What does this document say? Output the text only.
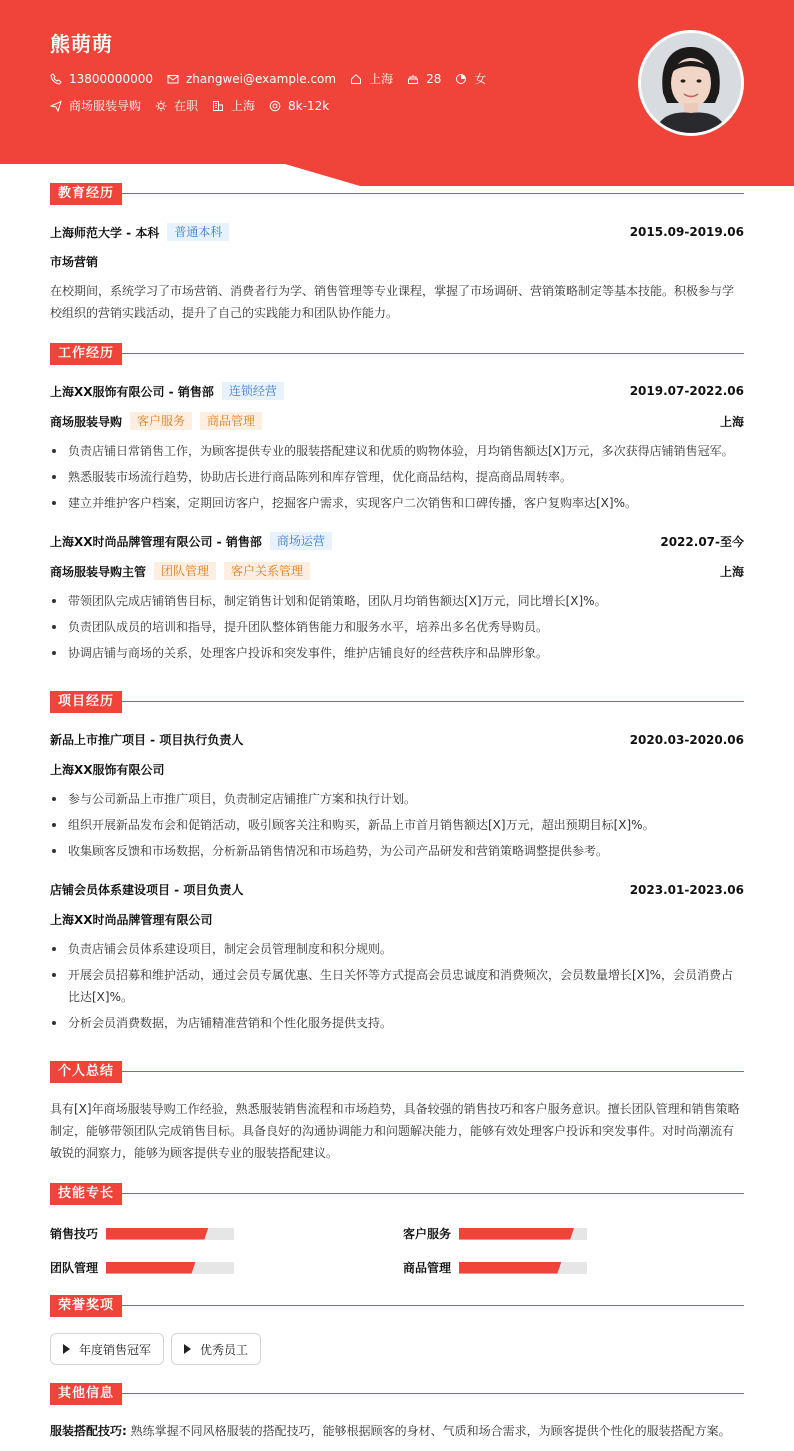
熊萌萌
13800000000	zhangwei@example.com	上海	28	女
商场服装导购	在职	上海	8k-12k
教育经历
上海师范大学 - 本科	普通本科	2015.09-2019.06
市场营销
在校期间，系统学习了市场营销、消费者行为学、销售管理等专业课程，掌握了市场调研、营销策略制定等基本技能。积极参与学校组织的营销实践活动，提升了自己的实践能力和团队协作能力。
工作经历
上海XX服饰有限公司 - 销售部	连锁经营	2019.07-2022.06
商场服装导购	客户服务	商品管理	上海
负责店铺日常销售工作，为顾客提供专业的服装搭配建议和优质的购物体验，月均销售额达[X]万元，多次获得店铺销售冠军。
熟悉服装市场流行趋势，协助店长进行商品陈列和库存管理，优化商品结构，提高商品周转率。
建立并维护客户档案，定期回访客户，挖掘客户需求，实现客户二次销售和口碑传播，客户复购率达[X]%。
上海XX时尚品牌管理有限公司 - 销售部	商场运营	2022.07-至今
商场服装导购主管	团队管理	客户关系管理	上海
带领团队完成店铺销售目标，制定销售计划和促销策略，团队月均销售额达[X]万元，同比增长[X]%。
负责团队成员的培训和指导，提升团队整体销售能力和服务水平，培养出多名优秀导购员。
协调店铺与商场的关系，处理客户投诉和突发事件，维护店铺良好的经营秩序和品牌形象。
项目经历
新品上市推广项目 - 项目执行负责人	2020.03-2020.06
上海XX服饰有限公司
参与公司新品上市推广项目，负责制定店铺推广方案和执行计划。
组织开展新品发布会和促销活动，吸引顾客关注和购买，新品上市首月销售额达[X]万元，超出预期目标[X]%。
收集顾客反馈和市场数据，分析新品销售情况和市场趋势，为公司产品研发和营销策略调整提供参考。
店铺会员体系建设项目 - 项目负责人	2023.01-2023.06
上海XX时尚品牌管理有限公司
负责店铺会员体系建设项目，制定会员管理制度和积分规则。
开展会员招募和维护活动，通过会员专属优惠、生日关怀等方式提高会员忠诚度和消费频次，会员数量增长[X]%，会员消费占比达[X]%。
分析会员消费数据，为店铺精准营销和个性化服务提供支持。
个人总结
具有[X]年商场服装导购工作经验，熟悉服装销售流程和市场趋势，具备较强的销售技巧和客户服务意识。擅长团队管理和销售策略制定，能够带领团队完成销售目标。具备良好的沟通协调能力和问题解决能力，能够有效处理客户投诉和突发事件。对时尚潮流有敏锐的洞察力，能够为顾客提供专业的服装搭配建议。
技能专长
销售技巧	客户服务
团队管理	商品管理
荣誉奖项
年度销售冠军	优秀员工
其他信息
服装搭配技巧: 熟练掌握不同风格服装的搭配技巧，能够根据顾客的身材、气质和场合需求，为顾客提供个性化的服装搭配方案。
